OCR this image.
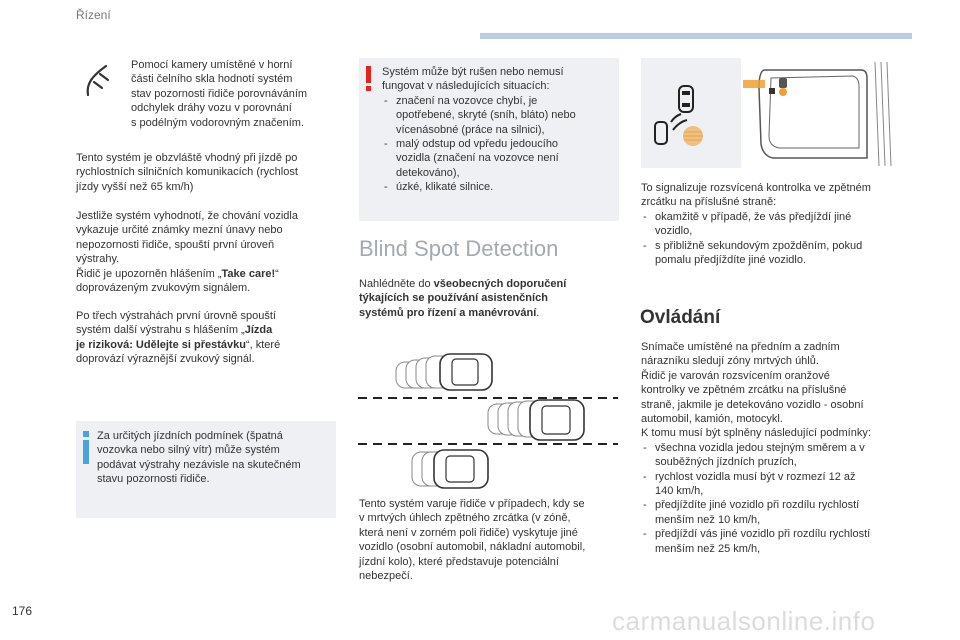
Řízení

Pomocí kamery umístěné v horní

části čelního skla hodnotí systém

stav pozornosti řidiče porovnáváním

odchylek dráhy vozu v porovnání

s podélným vodorovným značením.

Tento systém je obzvláště vhodný při jízdě po

rychlostních silničních komunikacích (rychlost

jízdy vyšší než 65 km/h)

Jestliže systém vyhodnotí, že chování vozidla

vykazuje určité známky mezní únavy nebo

nepozornosti řidiče, spouští první úroveň

výstrahy.

Řidič je upozorněn hlášením „Take care!“

doprovázeným zvukovým signálem.

Po třech výstrahách první úrovně spouští

systém další výstrahu s hlášením „Jízda

je riziková: Udělejte si přestávku“, které

doprovází výraznější zvukový signál.

Za určitých jízdních podmínek (špatná

vozovka nebo silný vítr) může systém

podávat výstrahy nezávisle na skutečném

stavu pozornosti řidiče.

Systém může být rušen nebo nemusí

fungovat v následujících situacích:

- značení na vozovce chybí, je
opotřebené, skryté (sníh, bláto) nebo
vícenásobné (práce na silnici),
- malý odstup od vpředu jedoucího
vozidla (značení na vozovce není
detekováno),
- úzké, klikaté silnice.
Blind Spot Detection

Nahlédněte do všeobecných doporučení

týkajících se používání asistenčních

systémů pro řízení a manévrování.

Tento systém varuje řidiče v případech, kdy se

v mrtvých úhlech zpětného zrcátka (v zóně,

která není v zorném poli řidiče) vyskytuje jiné

vozidlo (osobní automobil, nákladní automobil,

jízdní kolo), které představuje potenciální

nebezpečí.

To signalizuje rozsvícená kontrolka ve zpětném

zrcátku na příslušné straně:

- okamžitě v případě, že vás předjíždí jiné
vozidlo,
- s přibližně sekundovým zpožděním, pokud
pomalu předjíždíte jiné vozidlo.
Ovládání

Snímače umístěné na předním a zadním

nárazníku sledují zóny mrtvých úhlů.

Řidič je varován rozsvícením oranžové

kontrolky ve zpětném zrcátku na příslušné

straně, jakmile je detekováno vozidlo - osobní

automobil, kamión, motocykl.

K tomu musí být splněny následující podmínky:

- všechna vozidla jedou stejným směrem a v
souběžných jízdních pruzích,
- rychlost vozidla musí být v rozmezí 12 až
140 km/h,
- předjíždíte jiné vozidlo při rozdílu rychlostí
menším než 10 km/h,
- předjíždí vás jiné vozidlo při rozdílu rychlostí
menším než 25 km/h,
176	carmanualsonline.info
